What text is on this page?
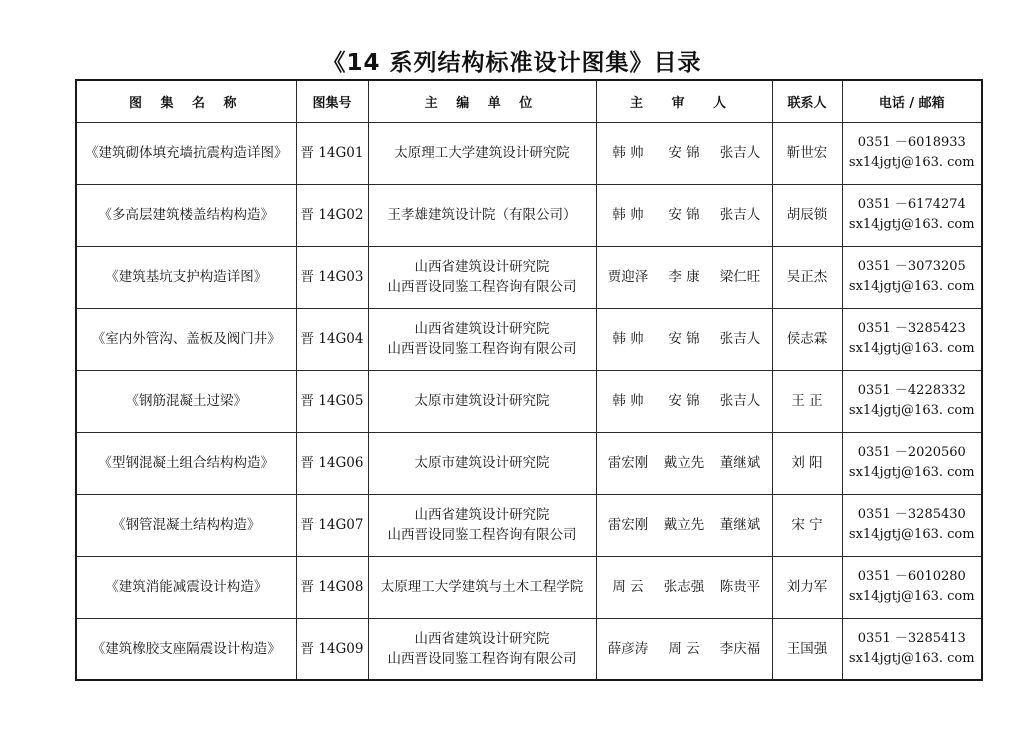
《14 系列结构标准设计图集》目录
图 集 名 称	图集号	主 编 单 位	主 审 人	联系人	电话 / 邮箱
《建筑砌体填充墙抗震构造详图》	晋 14G01	太原理工大学建筑设计研究院	韩 帅 安 锦 张吉人	靳世宏	0351 －6018933
sx14jgtj@163. com

《多高层建筑楼盖结构构造》	晋 14G02	王孝雄建筑设计院（有限公司）	韩 帅 安 锦 张吉人	胡辰锁	0351 －6174274
sx14jgtj@163. com

《建筑基坑支护构造详图》	晋 14G03	山西省建筑设计研究院
山西晋设同鉴工程咨询有限公司	贾迎泽 李 康 梁仁旺	吴正杰	0351 －3073205
sx14jgtj@163. com

《室内外管沟、盖板及阀门井》	晋 14G04	山西省建筑设计研究院
山西晋设同鉴工程咨询有限公司	韩 帅 安 锦 张吉人	侯志霖	0351 －3285423
sx14jgtj@163. com

《钢筋混凝土过梁》	晋 14G05	太原市建筑设计研究院	韩 帅 安 锦 张吉人	王 正	0351 －4228332
sx14jgtj@163. com

《型钢混凝土组合结构构造》	晋 14G06	太原市建筑设计研究院	雷宏刚 戴立先 董继斌	刘 阳	0351 －2020560
sx14jgtj@163. com

《钢管混凝土结构构造》	晋 14G07	山西省建筑设计研究院
山西晋设同鉴工程咨询有限公司	雷宏刚 戴立先 董继斌	宋 宁	0351 －3285430
sx14jgtj@163. com

《建筑消能减震设计构造》	晋 14G08	太原理工大学建筑与土木工程学院	周 云 张志强 陈贵平	刘力军	0351 －6010280
sx14jgtj@163. com

《建筑橡胶支座隔震设计构造》	晋 14G09	山西省建筑设计研究院
山西晋设同鉴工程咨询有限公司	薛彦涛 周 云 李庆福	王国强	0351 －3285413
sx14jgtj@163. com
